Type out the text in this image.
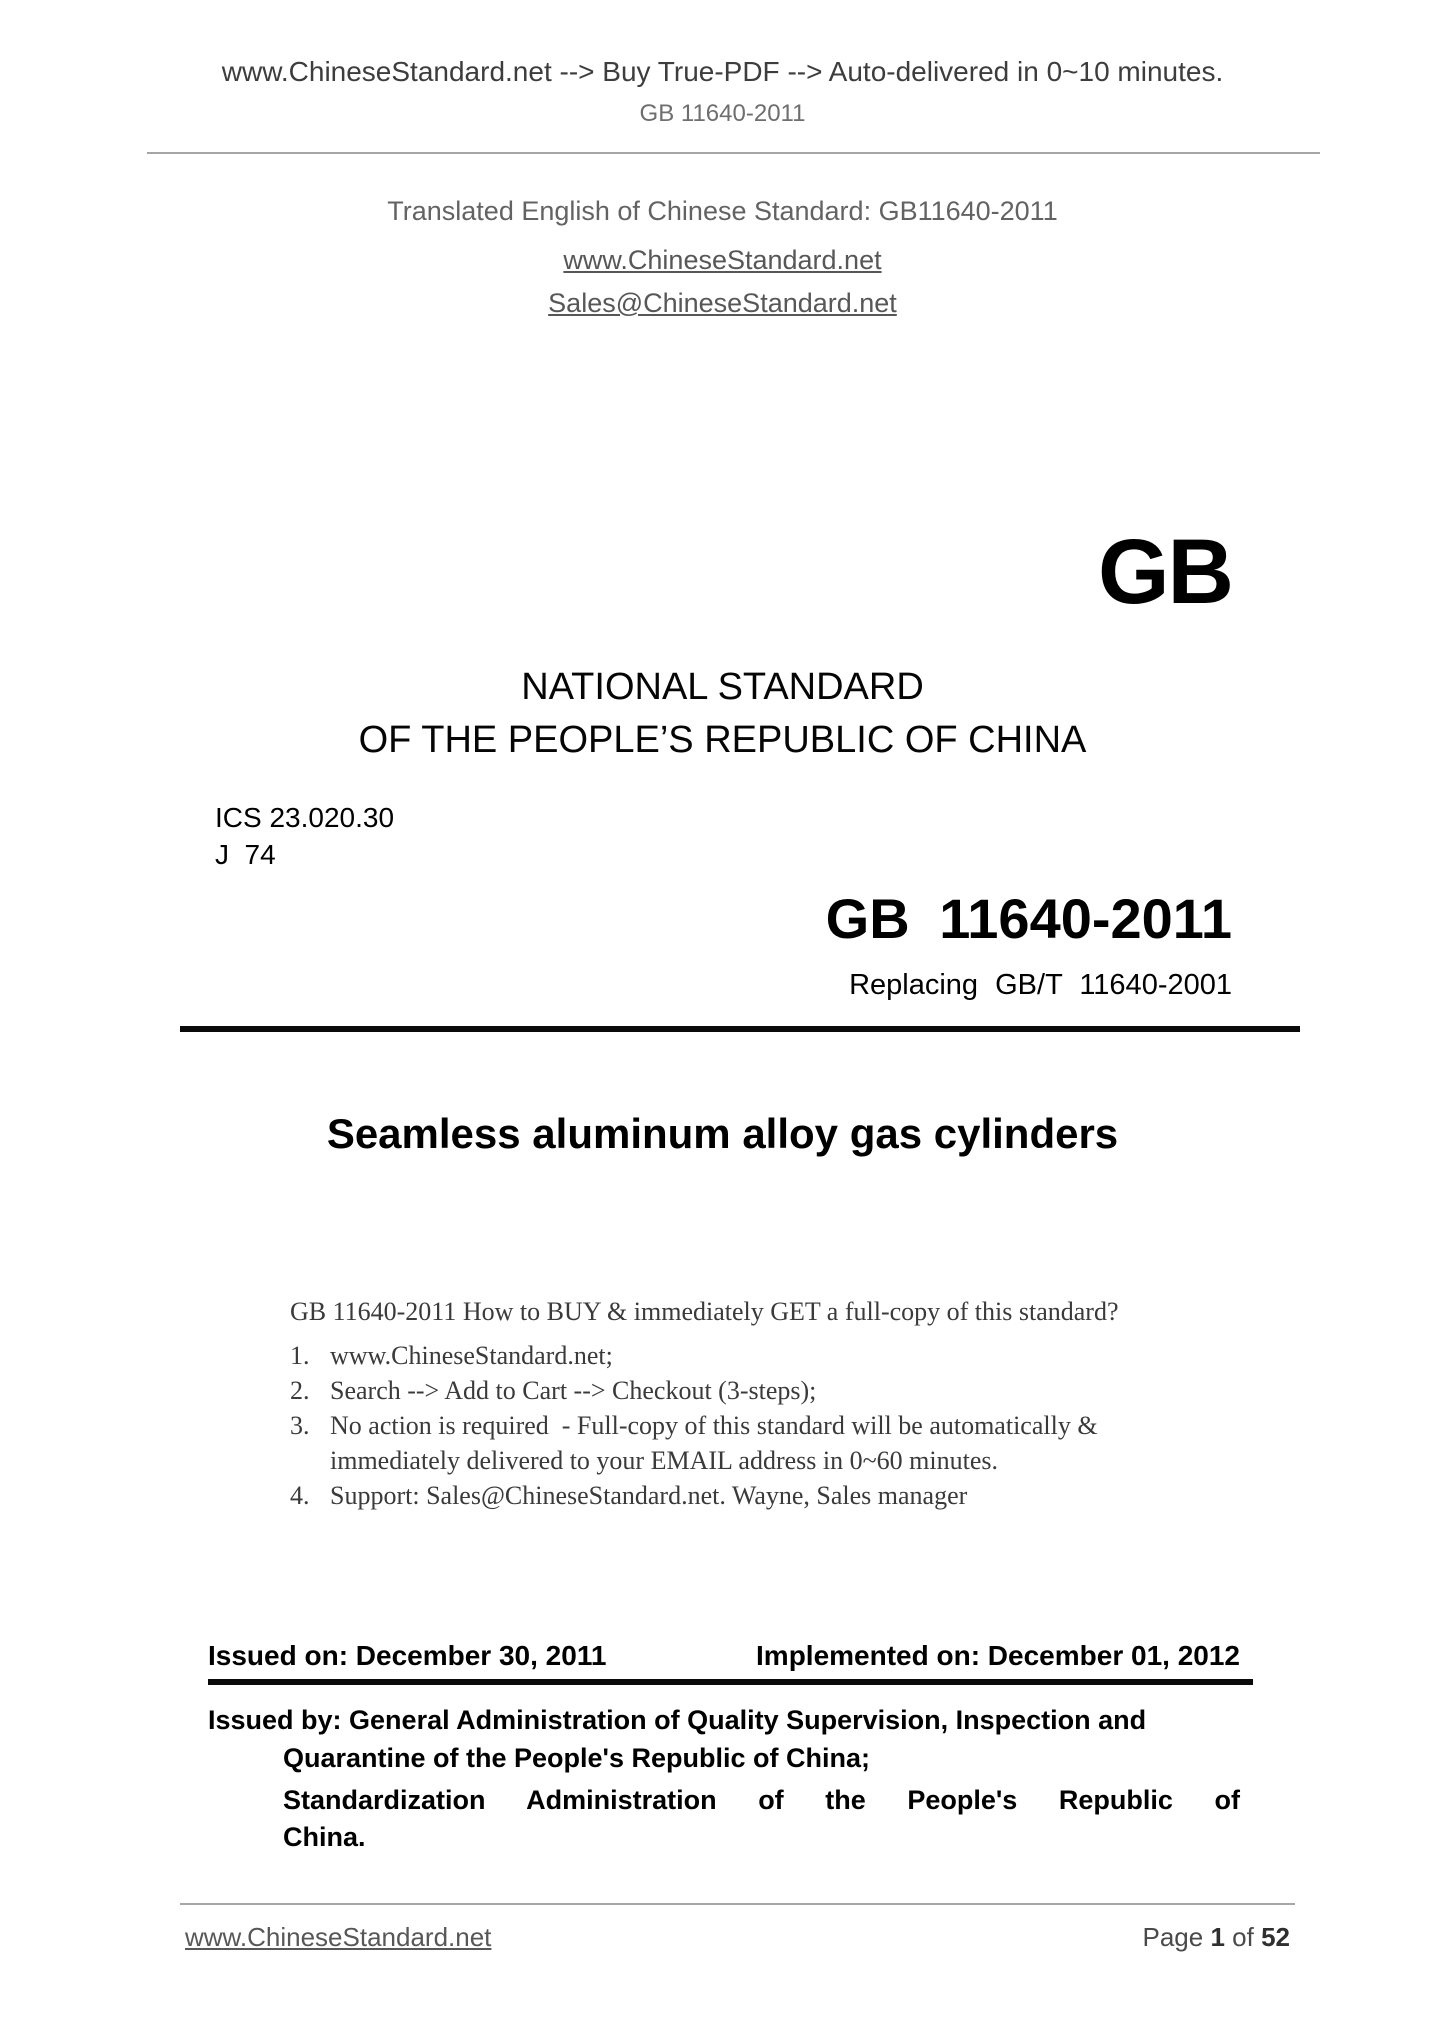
www.ChineseStandard.net --> Buy True-PDF --> Auto-delivered in 0~10 minutes.
GB 11640-2011
Translated English of Chinese Standard: GB11640-2011
www.ChineseStandard.net
Sales@ChineseStandard.net
GB
NATIONAL STANDARD
OF THE PEOPLE’S REPUBLIC OF CHINA
ICS 23.020.30
J  74
GB 11640-2011
Replacing GB/T 11640-2001
Seamless aluminum alloy gas cylinders
GB 11640-2011 How to BUY & immediately GET a full-copy of this standard?
1. www.ChineseStandard.net;
2. Search --> Add to Cart --> Checkout (3-steps);
3. No action is required  - Full-copy of this standard will be automatically &
immediately delivered to your EMAIL address in 0~60 minutes.
4. Support: Sales@ChineseStandard.net. Wayne, Sales manager
Issued on: December 30, 2011	Implemented on: December 01, 2012
Issued by: General Administration of Quality Supervision, Inspection and
Quarantine of the People's Republic of China;
Standardization Administration of the People's Republic of
China.
www.ChineseStandard.net	Page 1 of 52
